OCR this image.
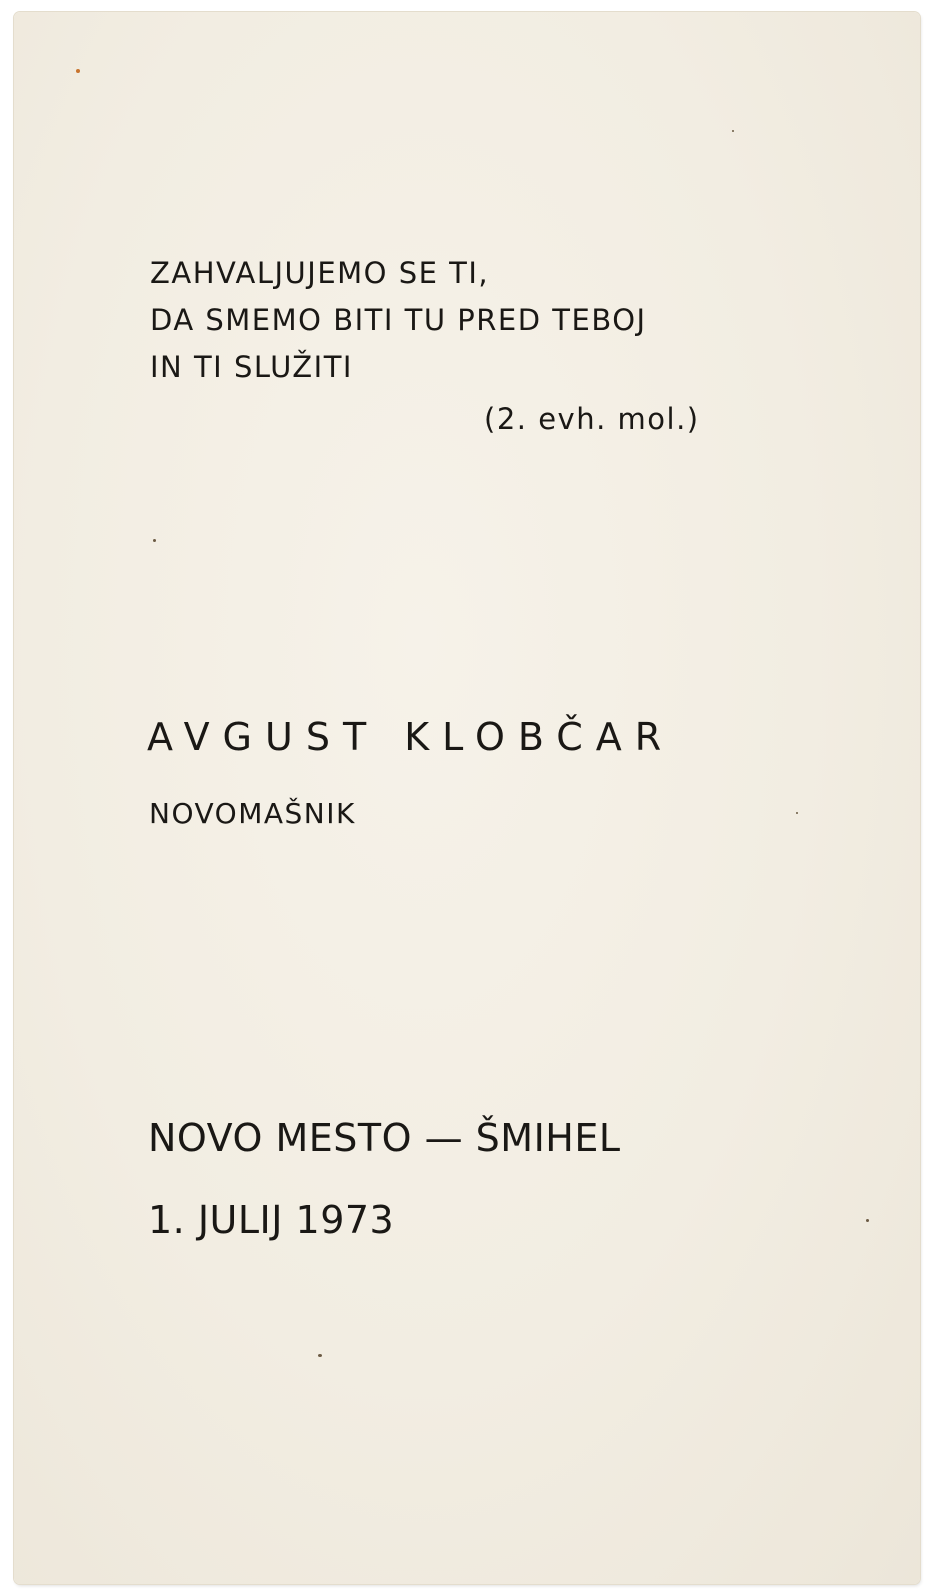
ZAHVALJUJEMO SE TI,
DA SMEMO BITI TU PRED TEBOJ
IN TI SLUŽITI
(2. evh. mol.)
AVGUST KLOBČAR
NOVOMAŠNIK
NOVO MESTO — ŠMIHEL
1. JULIJ 1973
